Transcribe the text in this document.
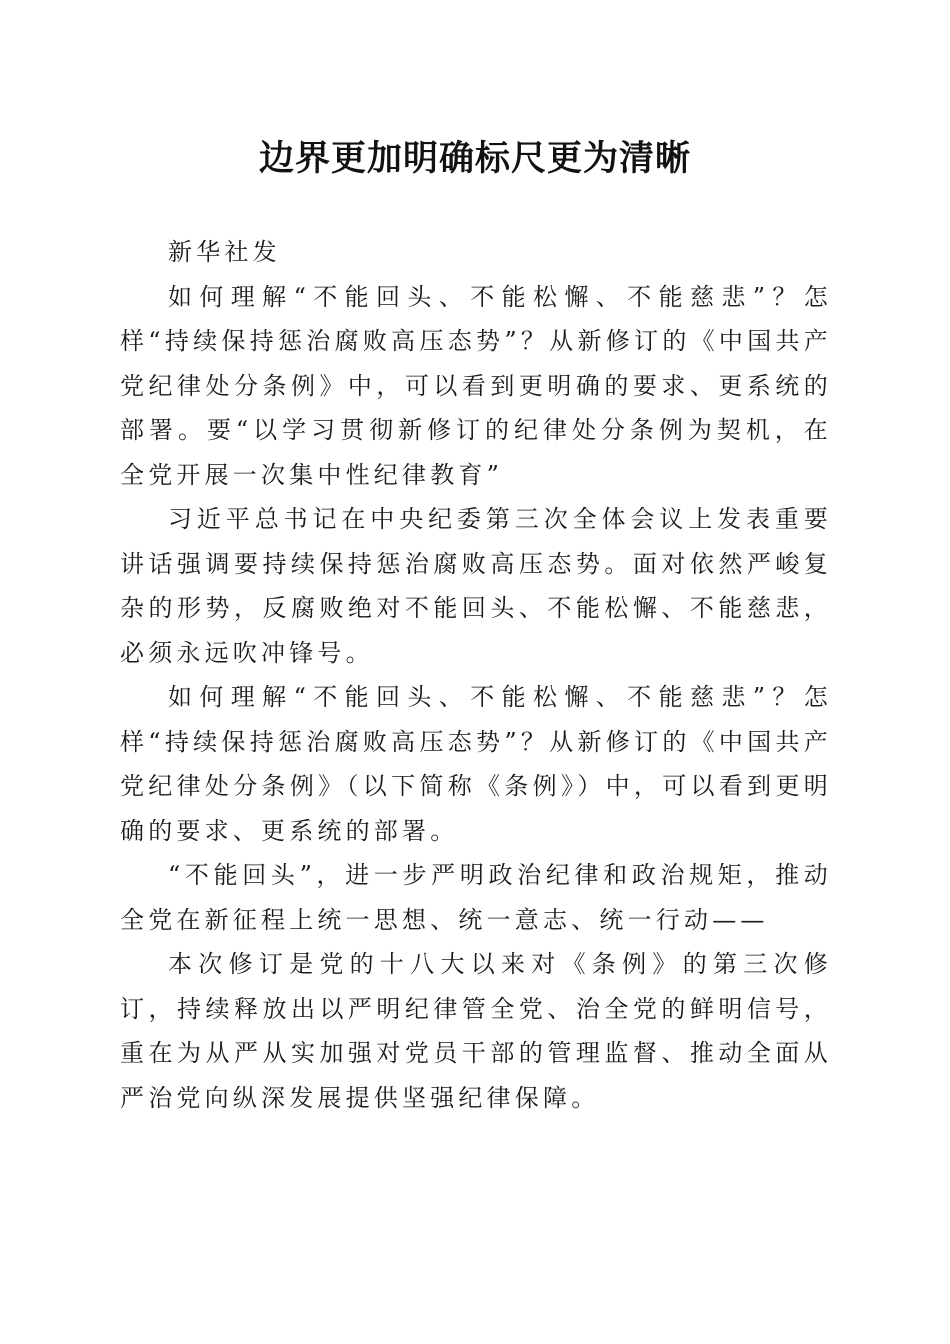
边界更加明确标尺更为清晰

新华社发

如何理解“不能回头、不能松懈、不能慈悲”？怎样“持续保持惩治腐败高压态势”？从新修订的《中国共产党纪律处分条例》中，可以看到更明确的要求、更系统的部署。要“以学习贯彻新修订的纪律处分条例为契机，在全党开展一次集中性纪律教育”

习近平总书记在中央纪委第三次全体会议上发表重要讲话强调要持续保持惩治腐败高压态势。面对依然严峻复杂的形势，反腐败绝对不能回头、不能松懈、不能慈悲，必须永远吹冲锋号。

如何理解“不能回头、不能松懈、不能慈悲”？怎样“持续保持惩治腐败高压态势”？从新修订的《中国共产党纪律处分条例》（以下简称《条例》）中，可以看到更明确的要求、更系统的部署。

“不能回头”，进一步严明政治纪律和政治规矩，推动全党在新征程上统一思想、统一意志、统一行动——

本次修订是党的十八大以来对《条例》的第三次修订，持续释放出以严明纪律管全党、治全党的鲜明信号，重在为从严从实加强对党员干部的管理监督、推动全面从严治党向纵深发展提供坚强纪律保障。
